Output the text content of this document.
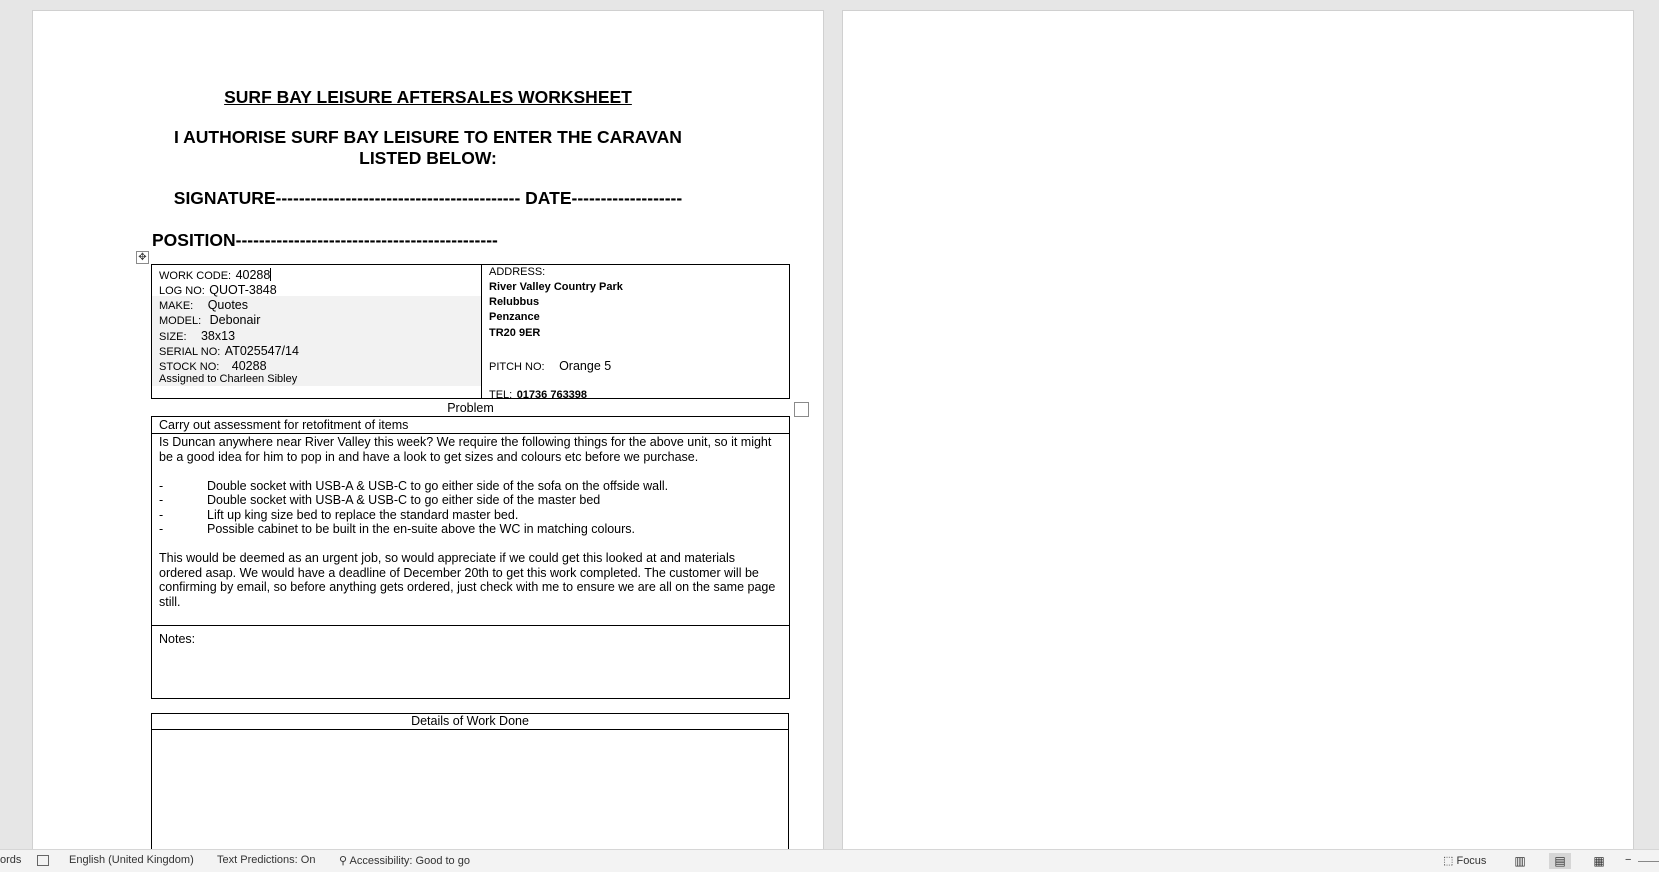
SURF BAY LEISURE AFTERSALES WORKSHEET
I AUTHORISE SURF BAY LEISURE TO ENTER THE CARAVAN
LISTED BELOW:
SIGNATURE------------------------------------------ DATE-------------------
POSITION---------------------------------------------
✥
WORK CODE: 40288
LOG NO: QUOT-3848
MAKE: Quotes
MODEL: Debonair
SIZE: 38x13
SERIAL NO: AT025547/14
STOCK NO: 40288
Assigned to Charleen Sibley
ADDRESS:
River Valley Country Park
Relubbus
Penzance
TR20 9ER
PITCH NO: Orange 5
TEL: 01736 763398
Problem
Carry out assessment for retofitment of items

Is Duncan anywhere near River Valley this week? We require the following things for the above unit, so it might be a good idea for him to pop in and have a look to get sizes and colours etc before we purchase.

-	Double socket with USB-A & USB-C to go either side of the sofa on the offside wall.
-	Double socket with USB-A & USB-C to go either side of the master bed
-	Lift up king size bed to replace the standard master bed.
-	Possible cabinet to be built in the en-suite above the WC in matching colours.

This would be deemed as an urgent job, so would appreciate if we could get this looked at and materials ordered asap. We would have a deadline of December 20th to get this work completed. The customer will be confirming by email, so before anything gets ordered, just check with me to ensure we are all on the same page still.

Notes:
Details of Work Done
ords	English (United Kingdom) Text Predictions: On ⚲ Accessibility: Good to go	⬚ Focus	▥	▤	▦	−
